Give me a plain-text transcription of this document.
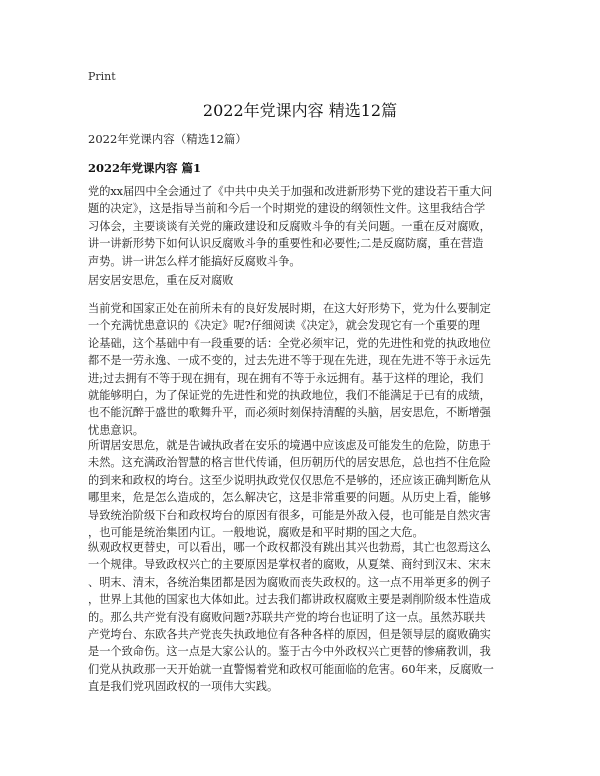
Print
2022年党课内容 精选12篇
2022年党课内容（精选12篇）
2022年党课内容 篇1
党的xx届四中全会通过了《中共中央关于加强和改进新形势下党的建设若干重大问
题的决定》，这是指导当前和今后一个时期党的建设的纲领性文件。这里我结合学
习体会，主要谈谈有关党的廉政建设和反腐败斗争的有关问题。一重在反对腐败，
讲一讲新形势下如何认识反腐败斗争的重要性和必要性;二是反腐防腐，重在营造
声势。讲一讲怎么样才能搞好反腐败斗争。
居安居安思危，重在反对腐败
当前党和国家正处在前所未有的良好发展时期，在这大好形势下，党为什么要制定
一个充满忧患意识的《决定》呢?仔细阅读《决定》，就会发现它有一个重要的理
论基础，这个基础中有一段重要的话：全党必须牢记，党的先进性和党的执政地位
都不是一劳永逸、一成不变的，过去先进不等于现在先进，现在先进不等于永远先
进;过去拥有不等于现在拥有，现在拥有不等于永远拥有。基于这样的理论，我们
就能够明白，为了保证党的先进性和党的执政地位，我们不能满足于已有的成绩，
也不能沉醉于盛世的歌舞升平，而必须时刻保持清醒的头脑，居安思危，不断增强
忧患意识。
所谓居安思危，就是告诫执政者在安乐的境遇中应该虑及可能发生的危险，防患于
未然。这充满政治智慧的格言世代传诵，但历朝历代的居安思危，总也挡不住危险
的到来和政权的垮台。这至少说明执政党仅仅思危不是够的，还应该正确判断危从
哪里来，危是怎么造成的，怎么解决它，这是非常重要的问题。从历史上看，能够
导致统治阶级下台和政权垮台的原因有很多，可能是外敌入侵，也可能是自然灾害
，也可能是统治集团内讧。一般地说，腐败是和平时期的国之大危。
纵观政权更替史，可以看出，哪一个政权都没有跳出其兴也勃焉，其亡也忽焉这么
一个规律。导致政权兴亡的主要原因是掌权者的腐败，从夏桀、商纣到汉末、宋末
、明末、清末，各统治集团都是因为腐败而丧失政权的。这一点不用举更多的例子
，世界上其他的国家也大体如此。过去我们都讲政权腐败主要是剥削阶级本性造成
的。那么共产党有没有腐败问题?苏联共产党的垮台也证明了这一点。虽然苏联共
产党垮台、东欧各共产党丧失执政地位有各种各样的原因，但是领导层的腐败确实
是一个致命伤。这一点是大家公认的。鉴于古今中外政权兴亡更替的惨痛教训，我
们党从执政那一天开始就一直警惕着党和政权可能面临的危害。60年来，反腐败一
直是我们党巩固政权的一项伟大实践。
